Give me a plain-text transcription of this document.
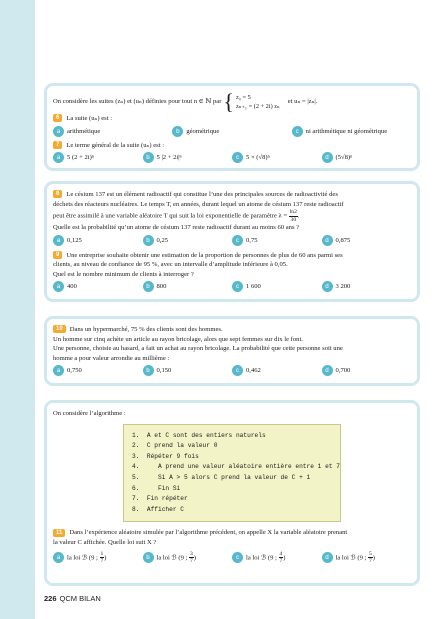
On considère les suites (zₙ) et (uₙ) définies pour tout n ∈ ℕ par { z₀ = 5
zₙ₊₁ = (2 + 2i) zₙ
et uₙ = |zₙ|.
6 La suite (uₙ) est :
a arithmétique	b géométrique	c ni arithmétique ni géométrique
7 Le terme général de la suite (uₙ) est :
a 5 (2 + 2i)ⁿ	b 5 |2 + 2i|ⁿ	c 5 × (√8)ⁿ	d (5√8)ⁿ
8 Le césium 137 est un élément radioactif qui constitue l’une des principales sources de radioactivité des
déchets des réacteurs nucléaires. Le temps T, en années, durant lequel un atome de césium 137 reste radioactif
peut être assimilé à une variable aléatoire T qui suit la loi exponentielle de paramètre $\lambda = \frac{\ln 2}{30}$ .
Quelle est la probabilité qu’un atome de césium 137 reste radioactif durant au moins 60 ans ?
a 0,125	b 0,25	c 0,75	d 0,875
9 Une entreprise souhaite obtenir une estimation de la proportion de personnes de plus de 60 ans parmi ses
clients, au niveau de confiance de 95 %, avec un intervalle d’amplitude inférieure à 0,05.
Quel est le nombre minimum de clients à interroger ?
a 400	b 800	c 1 600	d 3 200
10 Dans un hypermarché, 75 % des clients sont des hommes.
Un homme sur cinq achète un article au rayon bricolage, alors que sept femmes sur dix le font.
Une personne, choisie au hasard, a fait un achat au rayon bricolage. La probabilité que cette personne soit une
homme a pour valeur arrondie au millième :
a 0,750	b 0,150	c 0,462	d 0,700
On considère l’algorithme :
1.  A et C sont des entiers naturels
2.  C prend la valeur 0
3.  Répéter 9 fois
4.     A prend une valeur aléatoire entière entre 1 et 7
5.     Si A > 5 alors C prend la valeur de C + 1
6.     Fin Si
7.  Fin répéter
8.  Afficher C
11 Dans l’expérience aléatoire simulée par l’algorithme précédent, on appelle X la variable aléatoire prenant
la valeur C affichée. Quelle loi suit X ?
a la loi ℬ (9 ; $\frac{1}{7}$ )	b la loi ℬ (9 ; $\frac{3}{7}$ )	c la loi ℬ (9 ; $\frac{4}{7}$ )	d la loi ℬ (9 ; $\frac{5}{7}$ )
226 QCM BILAN
